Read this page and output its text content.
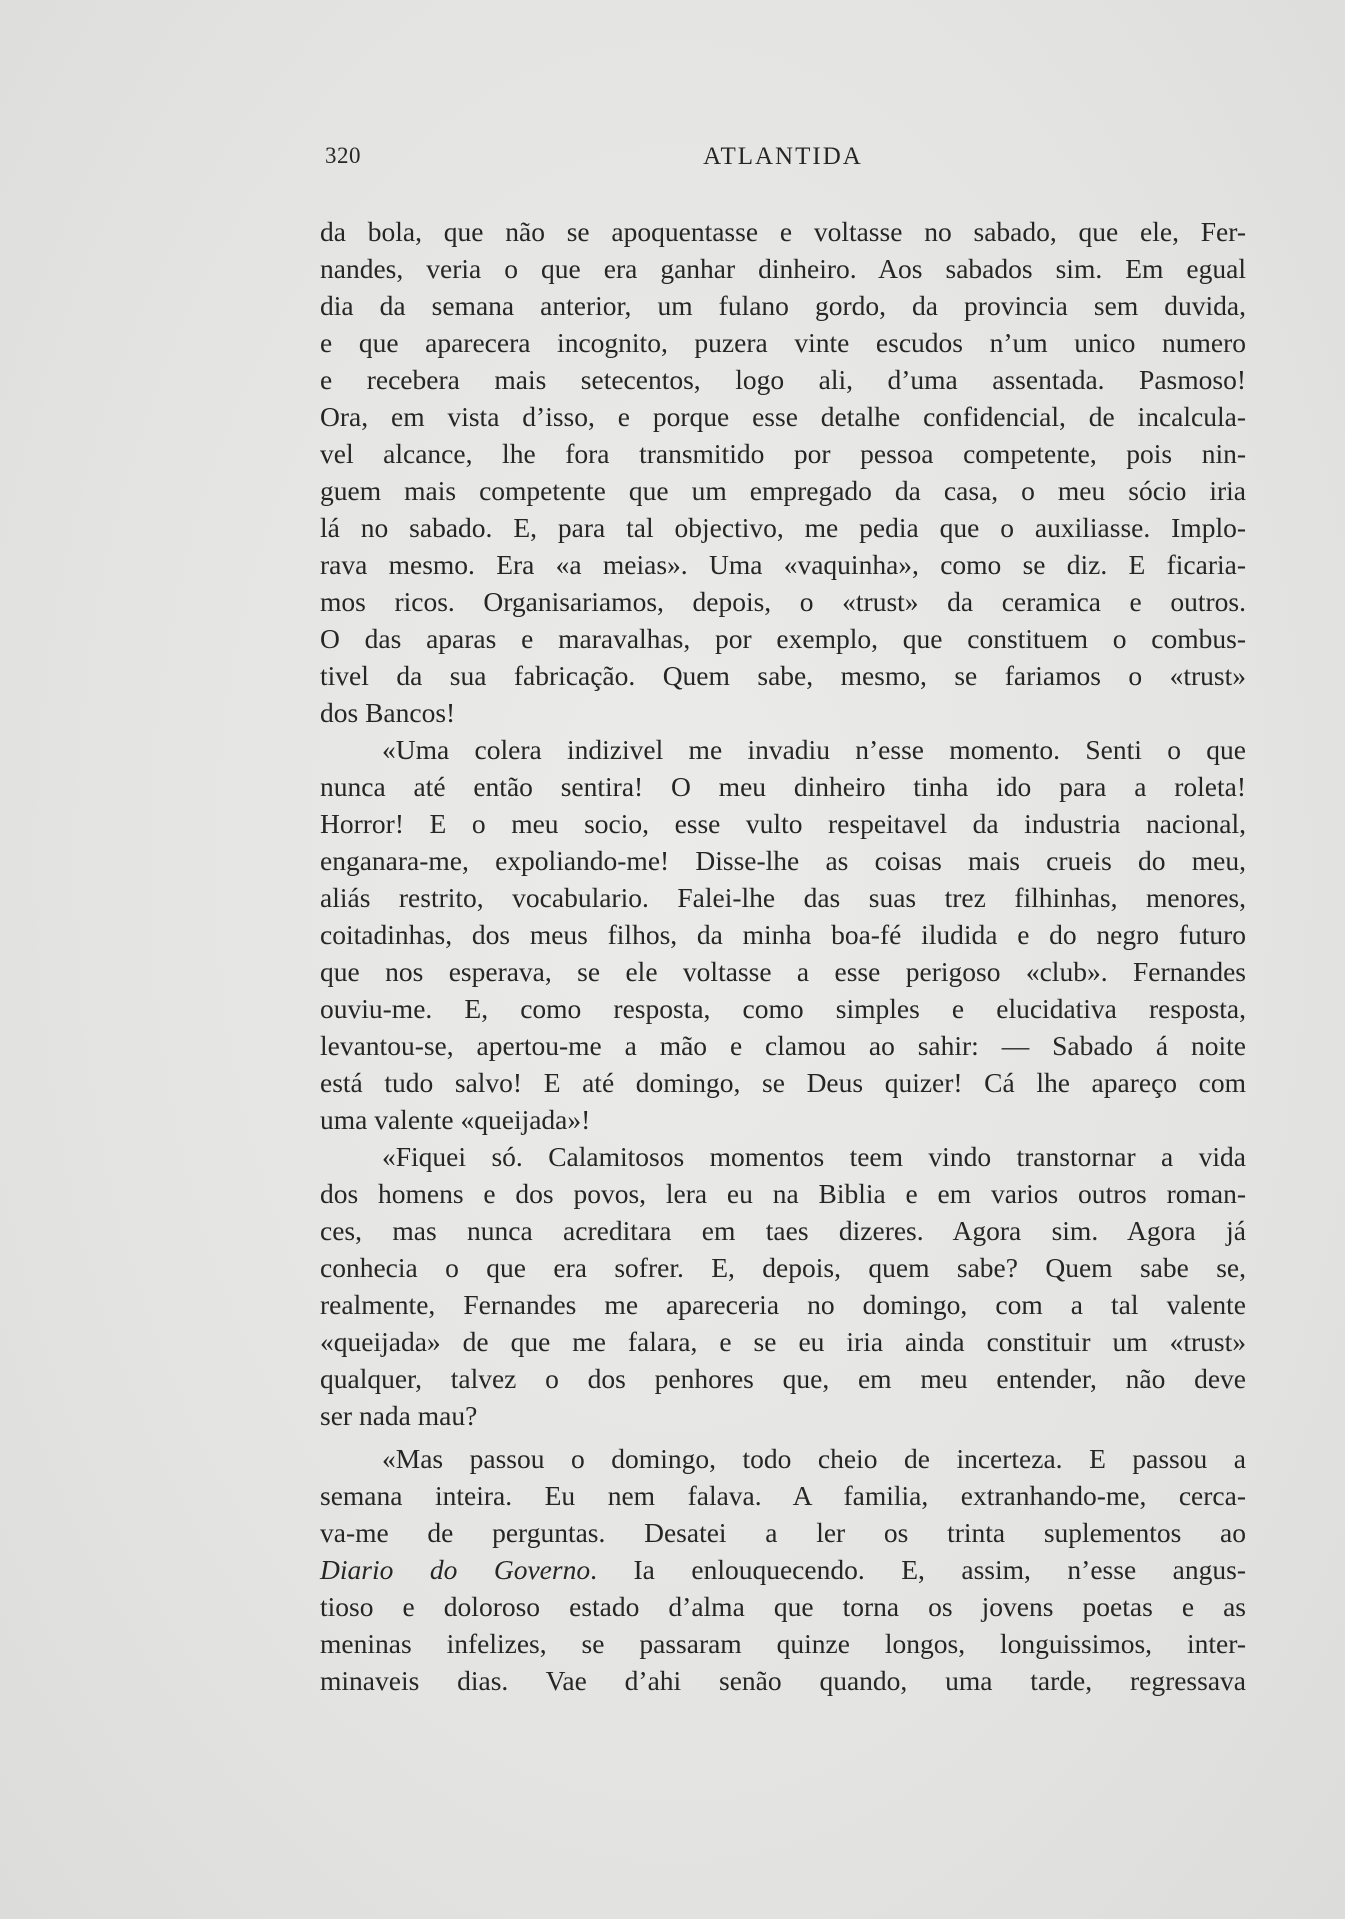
320	ATLANTIDA
da bola, que não se apoquentasse e voltasse no sabado, que ele, Fer-
nandes, veria o que era ganhar dinheiro. Aos sabados sim. Em egual
dia da semana anterior, um fulano gordo, da provincia sem duvida,
e que aparecera incognito, puzera vinte escudos n’um unico numero
e recebera mais setecentos, logo ali, d’uma assentada. Pasmoso!
Ora, em vista d’isso, e porque esse detalhe confidencial, de incalcula-
vel alcance, lhe fora transmitido por pessoa competente, pois nin-
guem mais competente que um empregado da casa, o meu sócio iria
lá no sabado. E, para tal objectivo, me pedia que o auxiliasse. Implo-
rava mesmo. Era «a meias». Uma «vaquinha», como se diz. E ficaria-
mos ricos. Organisariamos, depois, o «trust» da ceramica e outros.
O das aparas e maravalhas, por exemplo, que constituem o combus-
tivel da sua fabricação. Quem sabe, mesmo, se fariamos o «trust»
dos Bancos!
«Uma colera indizivel me invadiu n’esse momento. Senti o que
nunca até então sentira! O meu dinheiro tinha ido para a roleta!
Horror! E o meu socio, esse vulto respeitavel da industria nacional,
enganara-me, expoliando-me! Disse-lhe as coisas mais crueis do meu,
aliás restrito, vocabulario. Falei-lhe das suas trez filhinhas, menores,
coitadinhas, dos meus filhos, da minha boa-fé iludida e do negro futuro
que nos esperava, se ele voltasse a esse perigoso «club». Fernandes
ouviu-me. E, como resposta, como simples e elucidativa resposta,
levantou-se, apertou-me a mão e clamou ao sahir: — Sabado á noite
está tudo salvo! E até domingo, se Deus quizer! Cá lhe apareço com
uma valente «queijada»!
«Fiquei só. Calamitosos momentos teem vindo transtornar a vida
dos homens e dos povos, lera eu na Biblia e em varios outros roman-
ces, mas nunca acreditara em taes dizeres. Agora sim. Agora já
conhecia o que era sofrer. E, depois, quem sabe? Quem sabe se,
realmente, Fernandes me apareceria no domingo, com a tal valente
«queijada» de que me falara, e se eu iria ainda constituir um «trust»
qualquer, talvez o dos penhores que, em meu entender, não deve
ser nada mau?
«Mas passou o domingo, todo cheio de incerteza. E passou a
semana inteira. Eu nem falava. A familia, extranhando-me, cerca-
va-me de perguntas. Desatei a ler os trinta suplementos ao
Diario do Governo. Ia enlouquecendo. E, assim, n’esse angus-
tioso e doloroso estado d’alma que torna os jovens poetas e as
meninas infelizes, se passaram quinze longos, longuissimos, inter-
minaveis dias. Vae d’ahi senão quando, uma tarde, regressava
